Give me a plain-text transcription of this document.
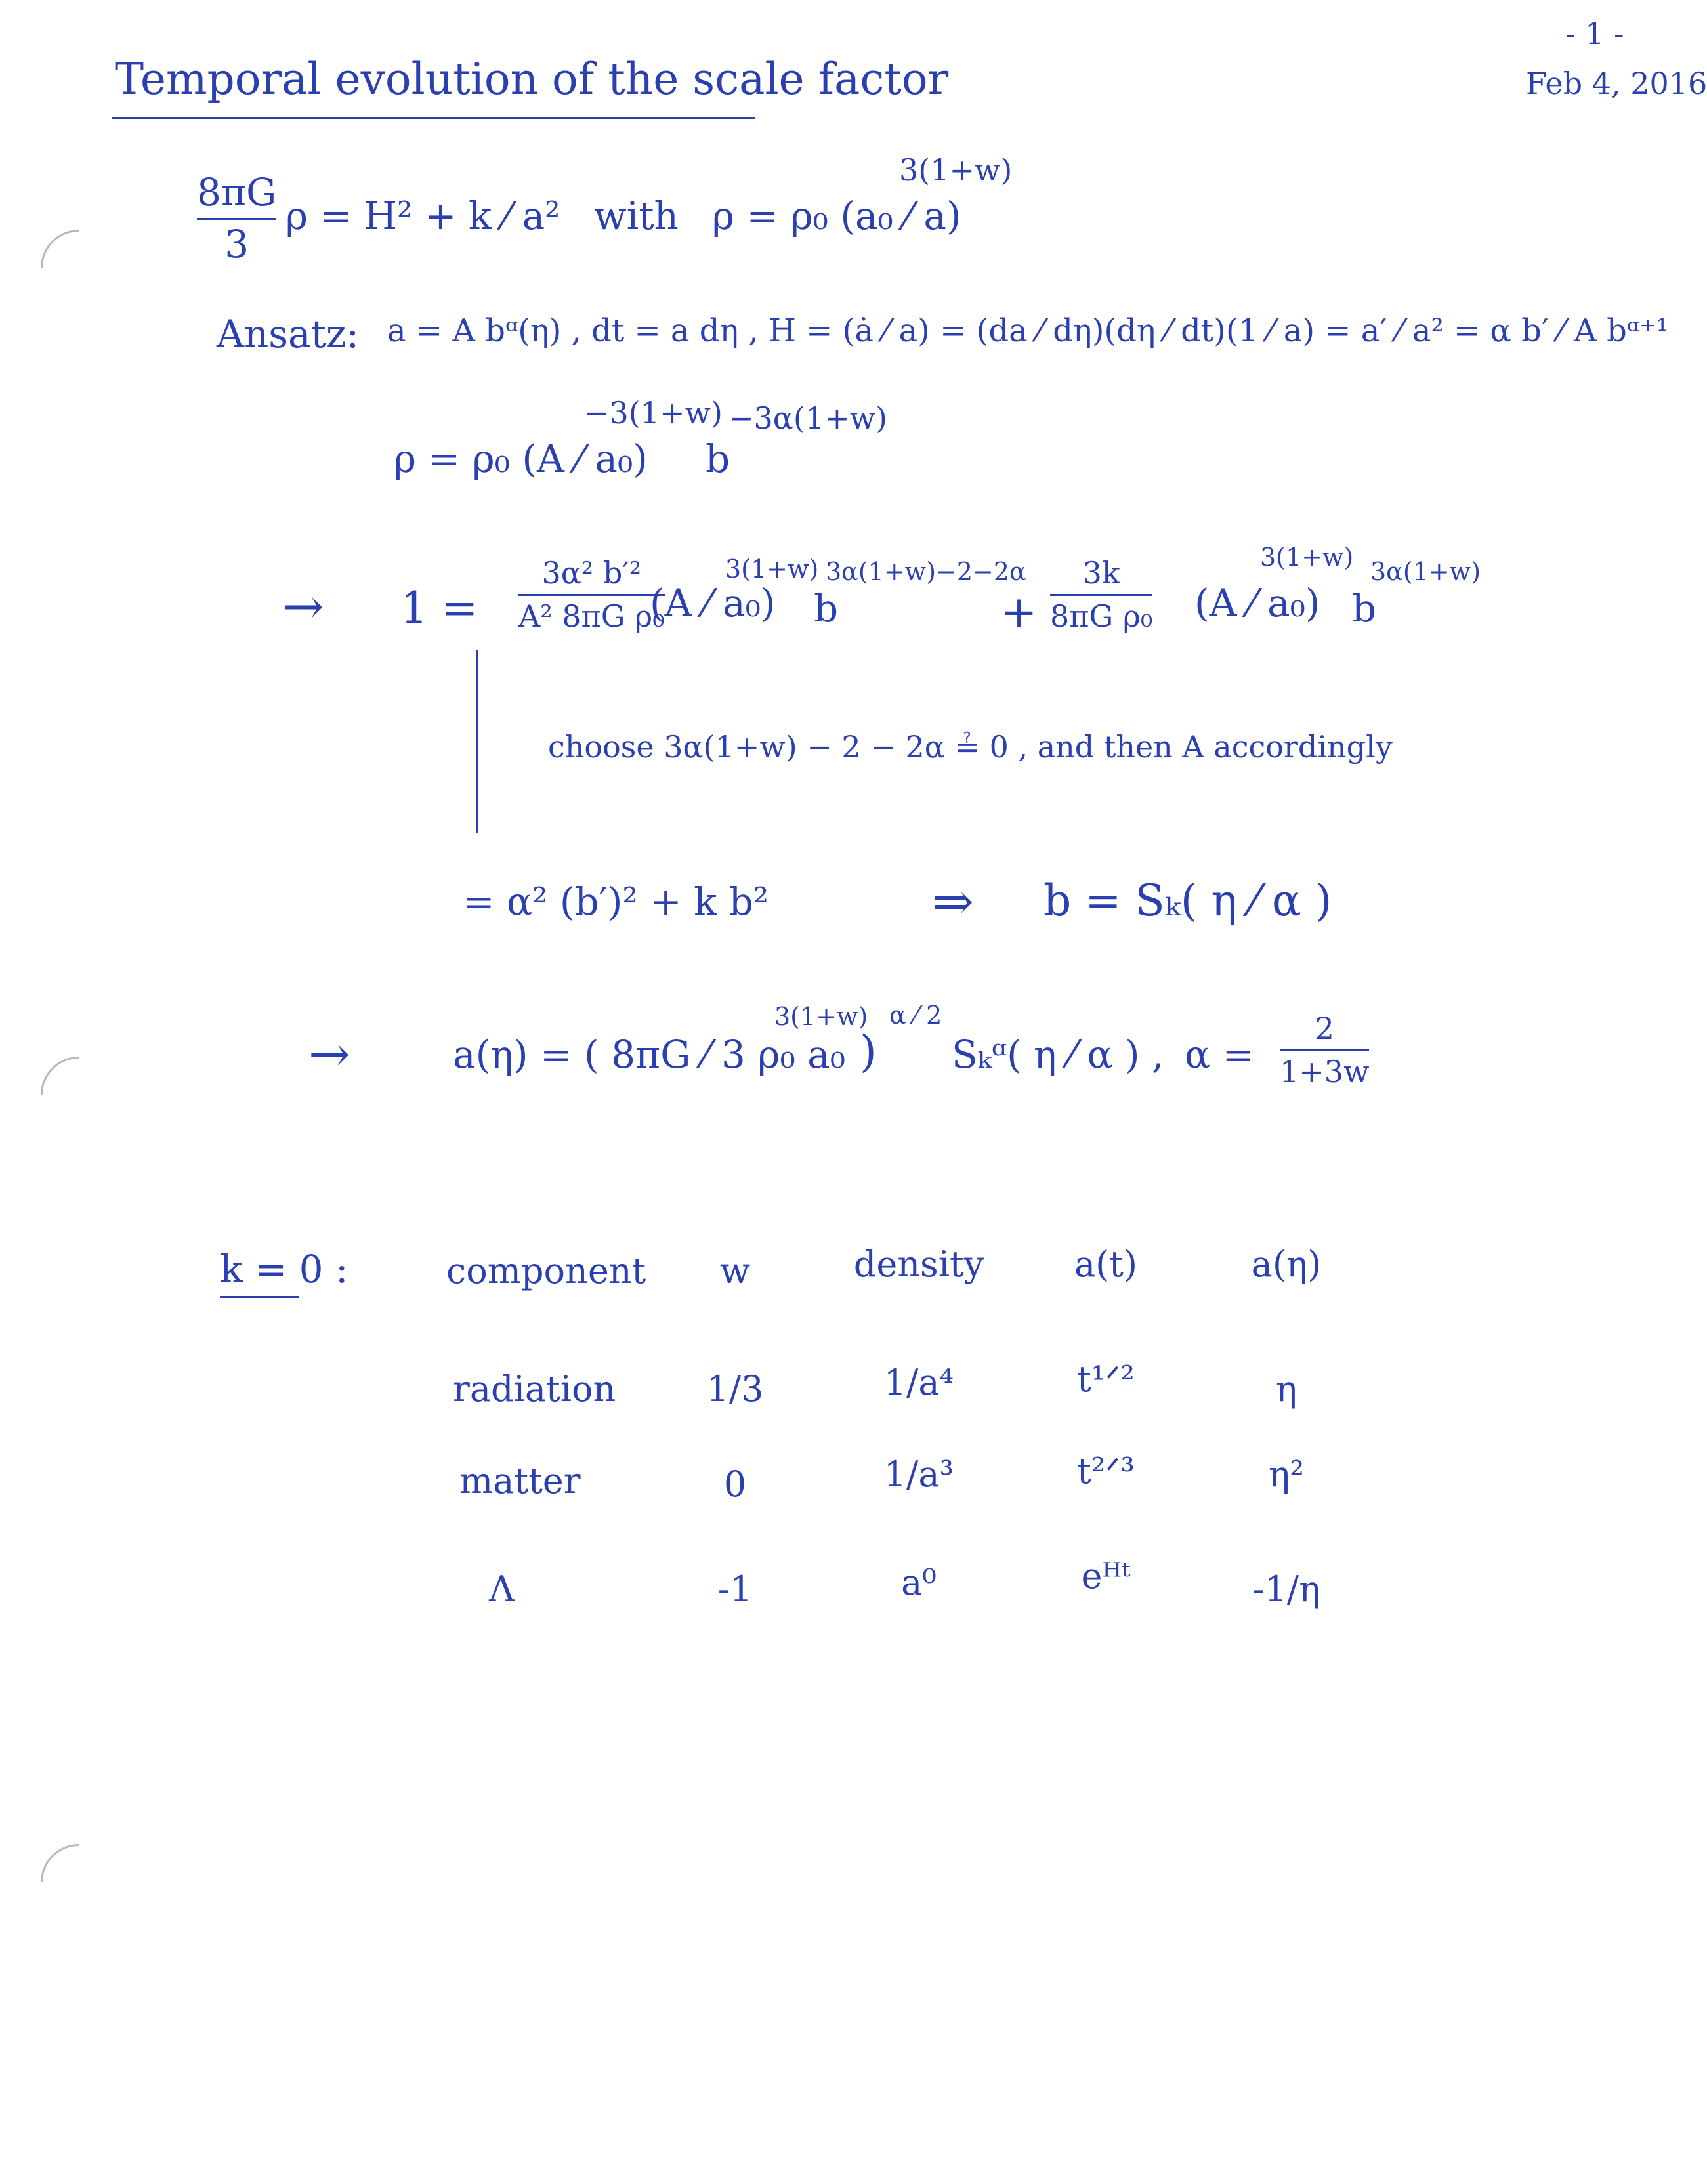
- 1 -
Feb 4, 2016
Temporal evolution of the scale factor
8πG
3
ρ = H² + k ⁄ a² with ρ = ρ₀ (a₀ ⁄ a)
3(1+w)
Ansatz: a = A bᵅ(η) , dt = a dη , H = (ȧ ⁄ a) = (da ⁄ dη)(dη ⁄ dt)(1 ⁄ a) = a′ ⁄ a² = α b′ ⁄ A bᵅ⁺¹
ρ = ρ₀ (A ⁄ a₀)
−3(1+w)
b
−3α(1+w)
→ 1 =
3α² b′²
A² 8πG ρ₀
(A ⁄ a₀)
3(1+w)
b
3α(1+w)−2−2α
+
3k
8πG ρ₀ (A ⁄ a₀)
3(1+w)
b
3α(1+w)
choose 3α(1+w) − 2 − 2α ≟ 0 , and then A accordingly
= α² (b′)² + k b²	⇒ b = Sₖ( η ⁄ α )
→	a(η) = ( 8πG ⁄ 3 ρ₀ a₀
3(1+w)
)
α ⁄ 2
Sₖᵅ( η ⁄ α ) , α =
2
1+3w
k = 0 :	component	w	density	a(t)	a(η)
radiation	1/3	1/a⁴	t¹ᐟ²	η
matter	0	1/a³	t²ᐟ³	η²
Λ	-1	a⁰	eᴴᵗ	-1/η
